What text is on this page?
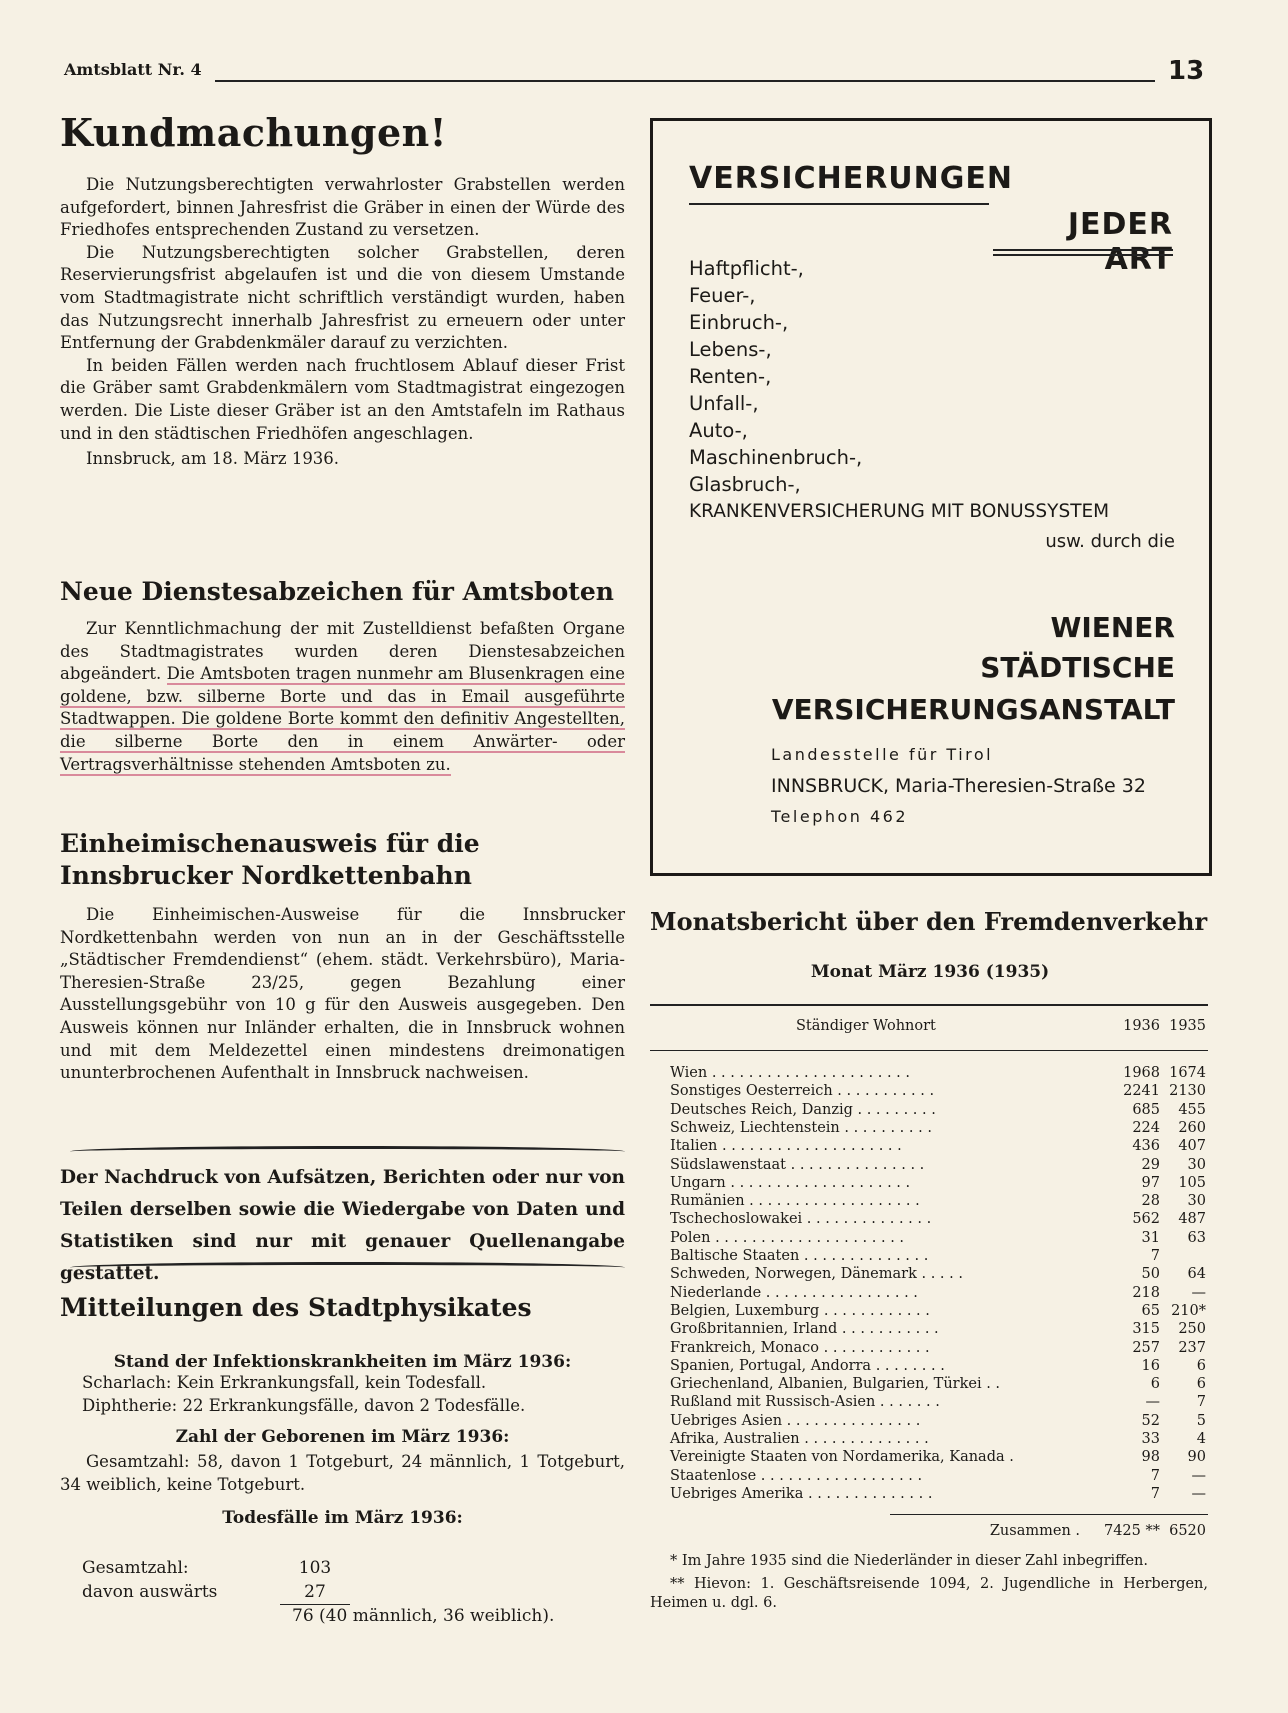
Amtsblatt Nr. 4	13
Kundmachungen!

Die Nutzungsberechtigten verwahrloster Grabstellen werden aufgefordert, binnen Jahresfrist die Gräber in einen der Würde des Friedhofes entsprechenden Zustand zu versetzen.

Die Nutzungsberechtigten solcher Grabstellen, deren Reservierungsfrist abgelaufen ist und die von diesem Umstande vom Stadtmagistrate nicht schriftlich verständigt wurden, haben das Nutzungsrecht innerhalb Jahresfrist zu erneuern oder unter Entfernung der Grabdenkmäler darauf zu verzichten.

In beiden Fällen werden nach fruchtlosem Ablauf dieser Frist die Gräber samt Grabdenkmälern vom Stadtmagistrat eingezogen werden. Die Liste dieser Gräber ist an den Amtstafeln im Rathaus und in den städtischen Friedhöfen angeschlagen.

Innsbruck, am 18. März 1936.

Neue Dienstesabzeichen für Amtsboten

Zur Kenntlichmachung der mit Zustelldienst befaßten Organe des Stadtmagistrates wurden deren Dienstesabzeichen abgeändert. Die Amtsboten tragen nunmehr am Blusenkragen eine goldene, bzw. silberne Borte und das in Email ausgeführte Stadtwappen. Die goldene Borte kommt den definitiv Angestellten, die silberne Borte den in einem Anwärter- oder Vertragsverhältnisse stehenden Amtsboten zu.

Einheimischenausweis für die Innsbrucker Nordkettenbahn

Die Einheimischen-Ausweise für die Innsbrucker Nordkettenbahn werden von nun an in der Geschäftsstelle „Städtischer Fremdendienst“ (ehem. städt. Verkehrsbüro), Maria-Theresien-Straße 23/25, gegen Bezahlung einer Ausstellungsgebühr von 10 g für den Ausweis ausgegeben. Den Ausweis können nur Inländer erhalten, die in Innsbruck wohnen und mit dem Meldezettel einen mindestens dreimonatigen ununterbrochenen Aufenthalt in Innsbruck nachweisen.

Der Nachdruck von Aufsätzen, Berichten oder nur von Teilen derselben sowie die Wiedergabe von Daten und Statistiken sind nur mit genauer Quellenangabe gestattet.
Mitteilungen des Stadtphysikates
Stand der Infektionskrankheiten im März 1936:
Scharlach: Kein Erkrankungsfall, kein Todesfall.
Diphtherie: 22 Erkrankungsfälle, davon 2 Todesfälle.
Zahl der Geborenen im März 1936:
Gesamtzahl: 58, davon 1 Totgeburt, 24 männlich, 1 Totgeburt, 34 weiblich, keine Totgeburt.
Todesfälle im März 1936:
Gesamtzahl:	103
davon auswärts	27
76 (40 männlich, 36 weiblich).
VERSICHERUNGEN
JEDER ART
Haftpflicht-,
Feuer-,
Einbruch-,
Lebens-,
Renten-,
Unfall-,
Auto-,
Maschinenbruch-,
Glasbruch-,
KRANKENVERSICHERUNG MIT BONUSSYSTEM
usw. durch die
WIENER
STÄDTISCHE
VERSICHERUNGSANSTALT
Landesstelle für Tirol
INNSBRUCK, Maria-Theresien-Straße 32
Telephon 462
Monatsbericht über den Fremdenverkehr
Monat März 1936 (1935)
Ständiger Wohnort	1936 1935
Wien . . . . . . . . . . . . . . . . . . . . . .	1968 1674
Sonstiges Oesterreich . . . . . . . . . . .	2241 2130
Deutsches Reich, Danzig . . . . . . . . .	685	455
Schweiz, Liechtenstein . . . . . . . . . .	224	260
Italien . . . . . . . . . . . . . . . . . . . .	436	407
Südslawenstaat . . . . . . . . . . . . . . .	29	30
Ungarn . . . . . . . . . . . . . . . . . . . .	97	105
Rumänien . . . . . . . . . . . . . . . . . . .	28	30
Tschechoslowakei . . . . . . . . . . . . . .	562	487
Polen . . . . . . . . . . . . . . . . . . . . .	31	63
Baltische Staaten . . . . . . . . . . . . . .	7
Schweden, Norwegen, Dänemark . . . . .	50	64
Niederlande . . . . . . . . . . . . . . . . .	218	—
Belgien, Luxemburg . . . . . . . . . . . .	65 210*
Großbritannien, Irland . . . . . . . . . . .	315	250
Frankreich, Monaco . . . . . . . . . . . .	257	237
Spanien, Portugal, Andorra . . . . . . . .	16	6
Griechenland, Albanien, Bulgarien, Türkei . .	6	6
Rußland mit Russisch-Asien . . . . . . .	—	7
Uebriges Asien . . . . . . . . . . . . . . .	52	5
Afrika, Australien . . . . . . . . . . . . . .	33	4
Vereinigte Staaten von Nordamerika, Kanada .	98	90
Staatenlose . . . . . . . . . . . . . . . . . .	7	—
Uebriges Amerika . . . . . . . . . . . . . .	7	—
Zusammen .	7425 ** 6520

* Im Jahre 1935 sind die Niederländer in dieser Zahl inbegriffen.

** Hievon: 1. Geschäftsreisende 1094, 2. Jugendliche in Herbergen, Heimen u. dgl. 6.
